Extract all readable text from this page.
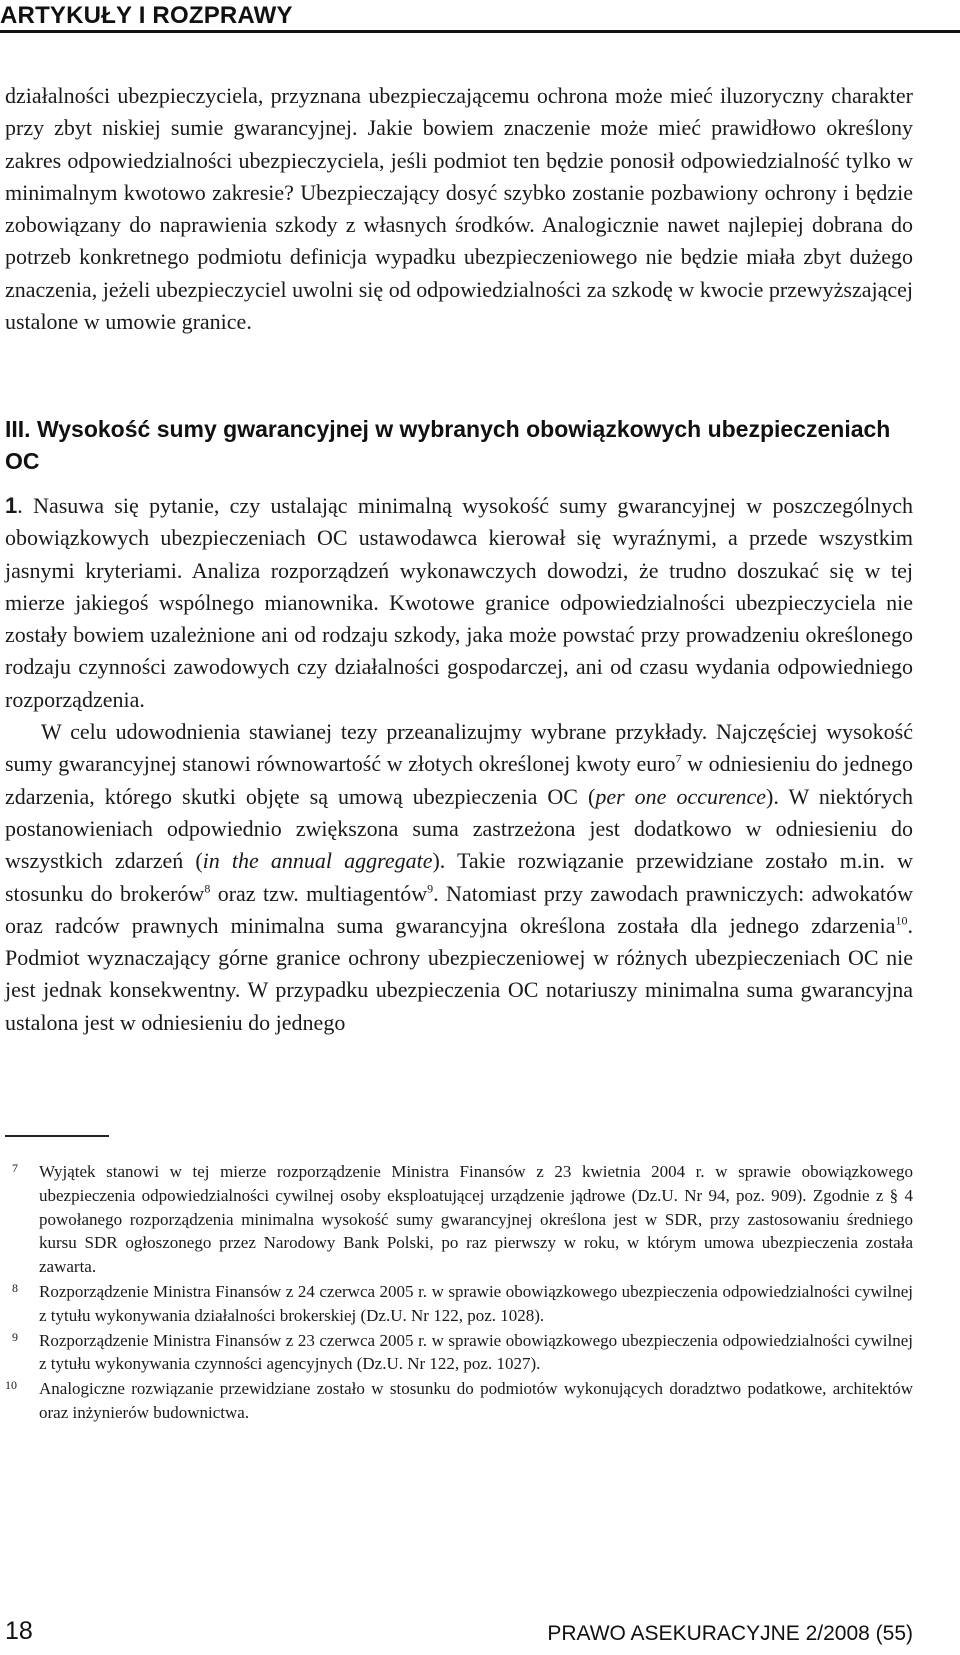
ARTYKUŁY I ROZPRAWY

działalności ubezpieczyciela, przyznana ubezpieczającemu ochrona może mieć iluzoryczny charakter przy zbyt niskiej sumie gwarancyjnej. Jakie bowiem znaczenie może mieć prawidłowo określony zakres odpowiedzialności ubezpieczyciela, jeśli podmiot ten będzie ponosił odpowiedzialność tylko w minimalnym kwotowo zakresie? Ubezpieczający dosyć szybko zostanie pozbawiony ochrony i będzie zobowiązany do naprawienia szkody z własnych środków. Analogicznie nawet najlepiej dobrana do potrzeb konkretnego podmiotu definicja wypadku ubezpieczeniowego nie będzie miała zbyt dużego znaczenia, jeżeli ubezpieczyciel uwolni się od odpowiedzialności za szkodę w kwocie przewyższającej ustalone w umowie granice.

III. Wysokość sumy gwarancyjnej w wybranych obowiązkowych ubezpieczeniach OC

1. Nasuwa się pytanie, czy ustalając minimalną wysokość sumy gwarancyjnej w poszczególnych obowiązkowych ubezpieczeniach OC ustawodawca kierował się wyraźnymi, a przede wszystkim jasnymi kryteriami. Analiza rozporządzeń wykonawczych dowodzi, że trudno doszukać się w tej mierze jakiegoś wspólnego mianownika. Kwotowe granice odpowiedzialności ubezpieczyciela nie zostały bowiem uzależnione ani od rodzaju szkody, jaka może powstać przy prowadzeniu określonego rodzaju czynności zawodowych czy działalności gospodarczej, ani od czasu wydania odpowiedniego rozporządzenia.

W celu udowodnienia stawianej tezy przeanalizujmy wybrane przykłady. Najczęściej wysokość sumy gwarancyjnej stanowi równowartość w złotych określonej kwoty euro$^7$ w odniesieniu do jednego zdarzenia, którego skutki objęte są umową ubezpieczenia OC (per one occurence). W niektórych postanowieniach odpowiednio zwiększona suma zastrzeżona jest dodatkowo w odniesieniu do wszystkich zdarzeń (in the annual aggregate). Takie rozwiązanie przewidziane zostało m.in. w stosunku do brokerów$^8$ oraz tzw. multiagentów$^9$. Natomiast przy zawodach prawniczych: adwokatów oraz radców prawnych minimalna suma gwarancyjna określona została dla jednego zdarzenia$^{10}$. Podmiot wyznaczający górne granice ochrony ubezpieczeniowej w różnych ubezpieczeniach OC nie jest jednak konsekwentny. W przypadku ubezpieczenia OC notariuszy minimalna suma gwarancyjna ustalona jest w odniesieniu do jednego

7 Wyjątek stanowi w tej mierze rozporządzenie Ministra Finansów z 23 kwietnia 2004 r. w sprawie obowiązkowego ubezpieczenia odpowiedzialności cywilnej osoby eksploatującej urządzenie jądrowe (Dz.U. Nr 94, poz. 909). Zgodnie z § 4 powołanego rozporządzenia minimalna wysokość sumy gwarancyjnej określona jest w SDR, przy zastosowaniu średniego kursu SDR ogłoszonego przez Narodowy Bank Polski, po raz pierwszy w roku, w którym umowa ubezpieczenia została zawarta.

8 Rozporządzenie Ministra Finansów z 24 czerwca 2005 r. w sprawie obowiązkowego ubezpieczenia odpowiedzialności cywilnej z tytułu wykonywania działalności brokerskiej (Dz.U. Nr 122, poz. 1028).

9 Rozporządzenie Ministra Finansów z 23 czerwca 2005 r. w sprawie obowiązkowego ubezpieczenia odpowiedzialności cywilnej z tytułu wykonywania czynności agencyjnych (Dz.U. Nr 122, poz. 1027).

10 Analogiczne rozwiązanie przewidziane zostało w stosunku do podmiotów wykonujących doradztwo podatkowe, architektów oraz inżynierów budownictwa.

18	PRAWO ASEKURACYJNE 2/2008 (55)
